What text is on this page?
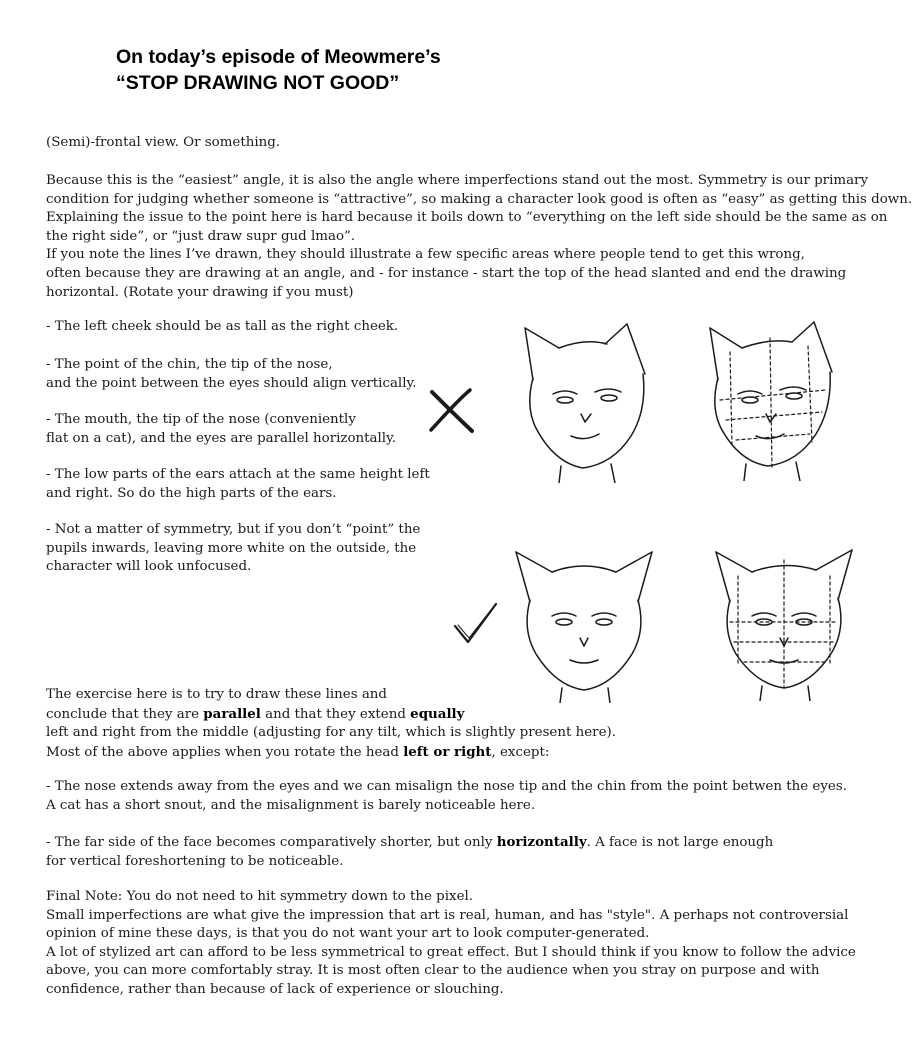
On today’s episode of Meowmere’s
“STOP DRAWING NOT GOOD”

(Semi)-frontal view. Or something.

Because this is the “easiest” angle, it is also the angle where imperfections stand out the most. Symmetry is our primary
condition for judging whether someone is “attractive”, so making a character look good is often as “easy” as getting this down.
Explaining the issue to the point here is hard because it boils down to “everything on the left side should be the same as on
the right side”, or “just draw supr gud lmao”.
If you note the lines I’ve drawn, they should illustrate a few specific areas where people tend to get this wrong,
often because they are drawing at an angle, and - for instance - start the top of the head slanted and end the drawing
horizontal. (Rotate your drawing if you must)
- The left cheek should be as tall as the right cheek.
- The point of the chin, the tip of the nose,
and the point between the eyes should align vertically.
- The mouth, the tip of the nose (conveniently
flat on a cat), and the eyes are parallel horizontally.
- The low parts of the ears attach at the same height left
and right. So do the high parts of the ears.
- Not a matter of symmetry, but if you don’t “point” the
pupils inwards, leaving more white on the outside, the
character will look unfocused.
The exercise here is to try to draw these lines and
conclude that they are parallel and that they extend equally
left and right from the middle (adjusting for any tilt, which is slightly present here).
Most of the above applies when you rotate the head left or right, except:
- The nose extends away from the eyes and we can misalign the nose tip and the chin from the point betwen the eyes.
A cat has a short snout, and the misalignment is barely noticeable here.
- The far side of the face becomes comparatively shorter, but only horizontally. A face is not large enough
for vertical foreshortening to be noticeable.
Final Note: You do not need to hit symmetry down to the pixel.
Small imperfections are what give the impression that art is real, human, and has "style". A perhaps not controversial
opinion of mine these days, is that you do not want your art to look computer-generated.
A lot of stylized art can afford to be less symmetrical to great effect. But I should think if you know to follow the advice
above, you can more comfortably stray. It is most often clear to the audience when you stray on purpose and with
confidence, rather than because of lack of experience or slouching.
